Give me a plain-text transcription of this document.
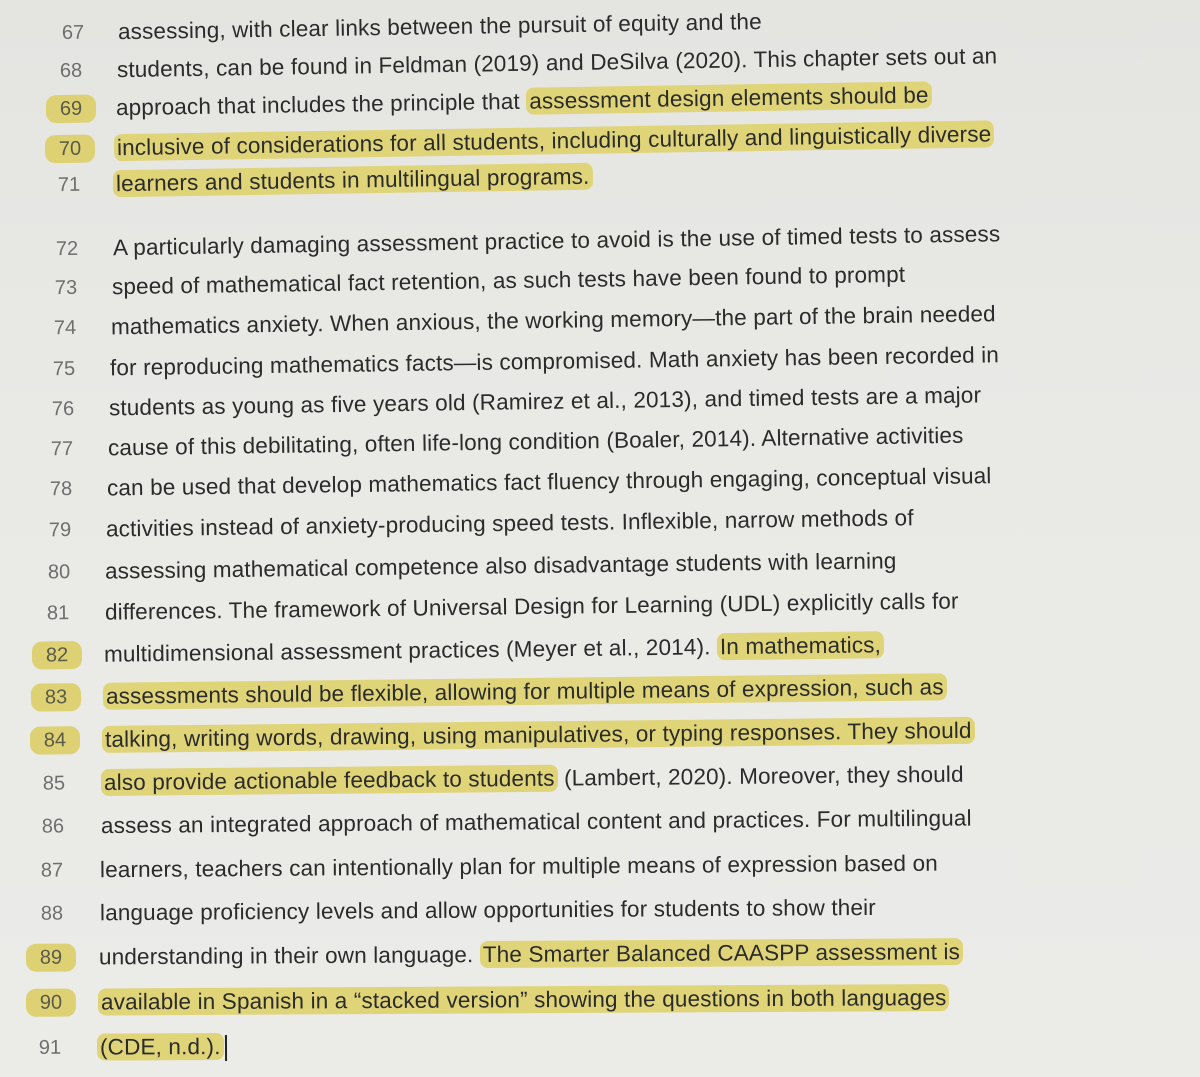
67	assessing, with clear links between the pursuit of equity and the
68	students, can be found in Feldman (2019) and DeSilva (2020). This chapter sets out an
69	approach that includes the principle that assessment design elements should be
70	inclusive of considerations for all students, including culturally and linguistically diverse
71	learners and students in multilingual programs.
72	A particularly damaging assessment practice to avoid is the use of timed tests to assess
73	speed of mathematical fact retention, as such tests have been found to prompt
74	mathematics anxiety. When anxious, the working memory—the part of the brain needed
75	for reproducing mathematics facts—is compromised. Math anxiety has been recorded in
76	students as young as five years old (Ramirez et al., 2013), and timed tests are a major
77	cause of this debilitating, often life-long condition (Boaler, 2014). Alternative activities
78	can be used that develop mathematics fact fluency through engaging, conceptual visual
79	activities instead of anxiety-producing speed tests. Inflexible, narrow methods of
80	assessing mathematical competence also disadvantage students with learning
81	differences. The framework of Universal Design for Learning (UDL) explicitly calls for
82	multidimensional assessment practices (Meyer et al., 2014). In mathematics,
83	assessments should be flexible, allowing for multiple means of expression, such as
84	talking, writing words, drawing, using manipulatives, or typing responses. They should
85	also provide actionable feedback to students (Lambert, 2020). Moreover, they should
86	assess an integrated approach of mathematical content and practices. For multilingual
87	learners, teachers can intentionally plan for multiple means of expression based on
88	language proficiency levels and allow opportunities for students to show their
89	understanding in their own language. The Smarter Balanced CAASPP assessment is
90	available in Spanish in a “stacked version” showing the questions in both languages
91	(CDE, n.d.).
